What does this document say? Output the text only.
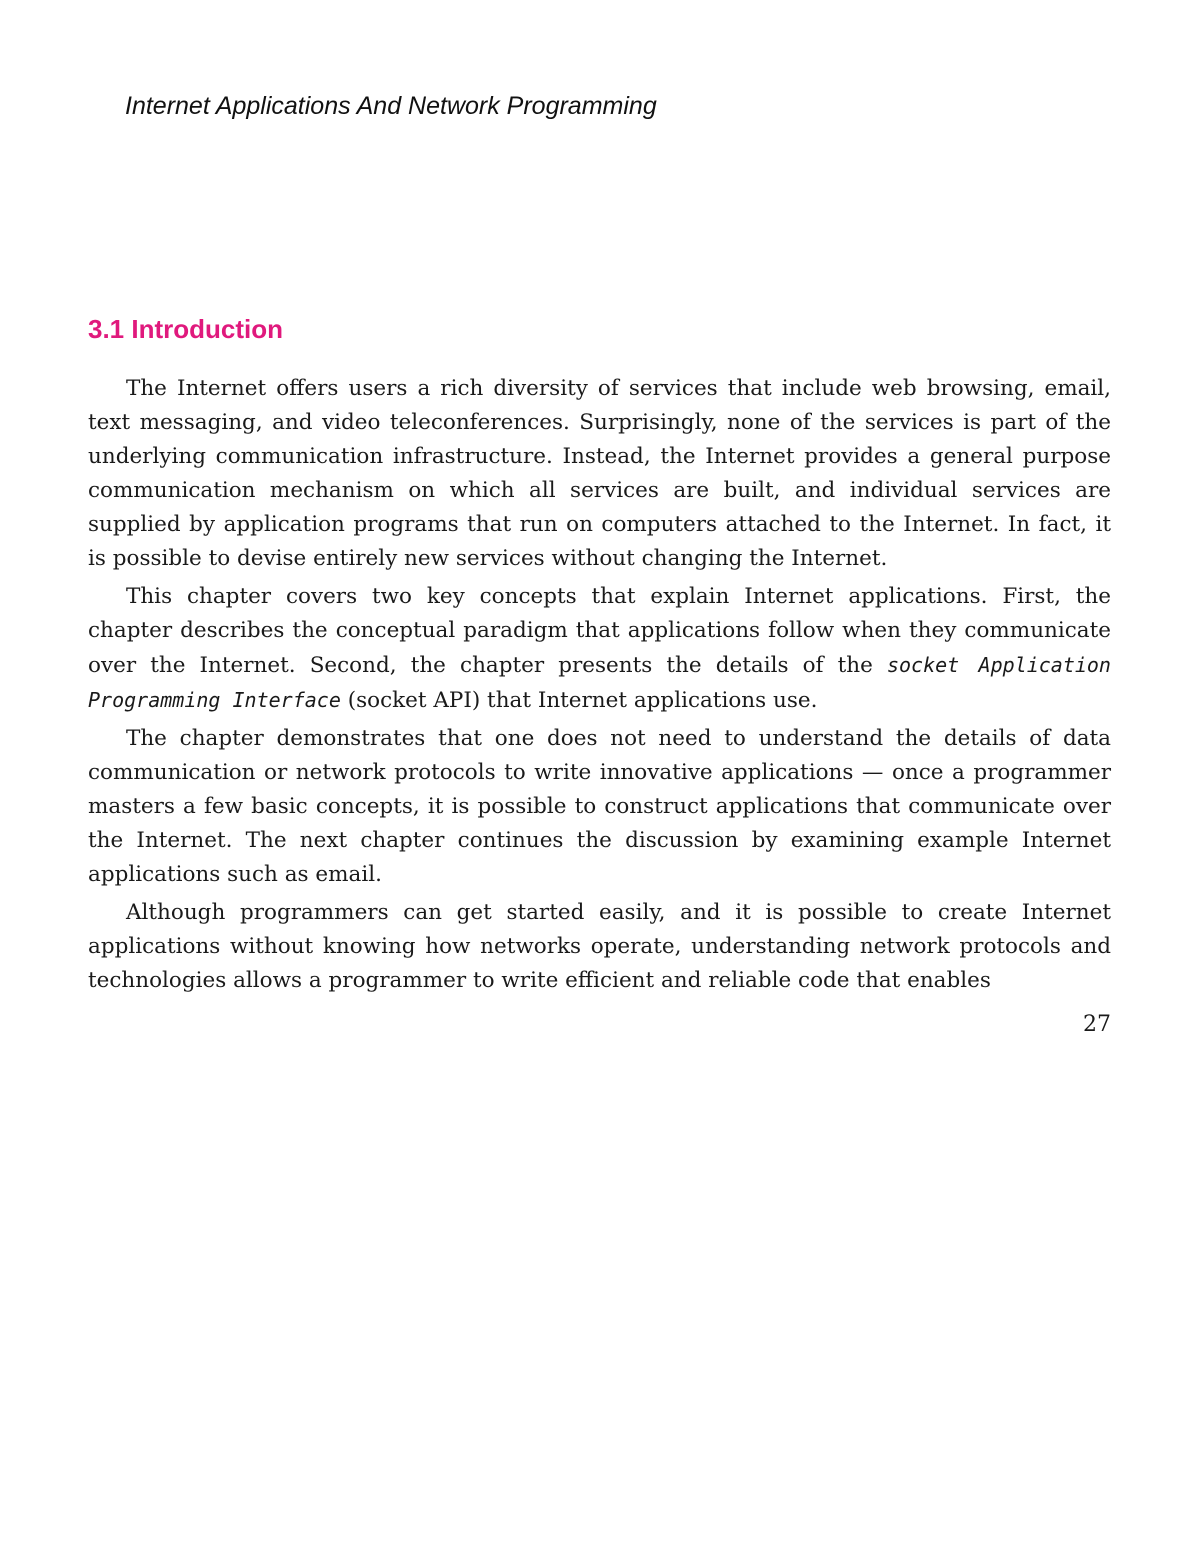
Internet Applications And Network Programming

3.1 Introduction

The Internet offers users a rich diversity of services that include web browsing, email, text messaging, and video teleconferences. Surprisingly, none of the services is part of the underlying communication infrastructure. Instead, the Internet provides a general purpose communication mechanism on which all services are built, and individual services are supplied by application programs that run on computers attached to the Internet. In fact, it is possible to devise entirely new services without changing the Internet.

This chapter covers two key concepts that explain Internet applications. First, the chapter describes the conceptual paradigm that applications follow when they communicate over the Internet. Second, the chapter presents the details of the socket Application Programming Interface (socket API) that Internet applications use.

The chapter demonstrates that one does not need to understand the details of data communication or network protocols to write innovative applications — once a programmer masters a few basic concepts, it is possible to construct applications that communicate over the Internet. The next chapter continues the discussion by examining example Internet applications such as email.

Although programmers can get started easily, and it is possible to create Internet applications without knowing how networks operate, understanding network protocols and technologies allows a programmer to write efficient and reliable code that enables

27
